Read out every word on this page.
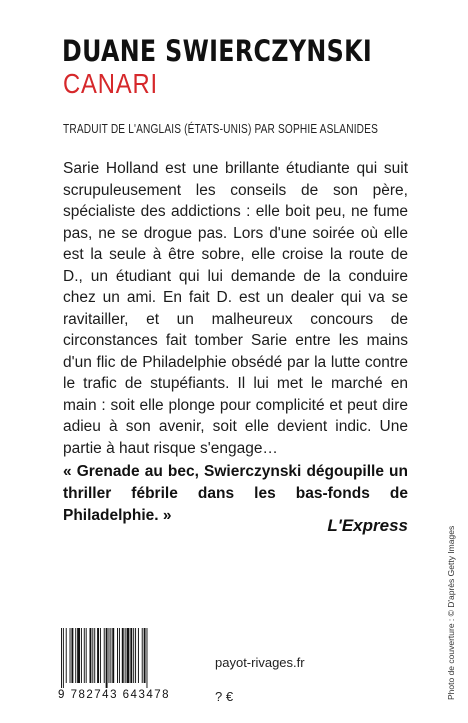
DUANE SWIERCZYNSKI
CANARI
TRADUIT DE L'ANGLAIS (ÉTATS-UNIS) PAR SOPHIE ASLANIDES
Sarie Holland est une brillante étudiante qui suit scrupuleusement les conseils de son père, spécialiste des addictions : elle boit peu, ne fume pas, ne se drogue pas. Lors d'une soirée où elle est la seule à être sobre, elle croise la route de D., un étudiant qui lui demande de la conduire chez un ami. En fait D. est un dealer qui va se ravitailler, et un malheureux concours de circonstances fait tomber Sarie entre les mains d'un flic de Philadelphie obsédé par la lutte contre le trafic de stupéfiants. Il lui met le marché en main : soit elle plonge pour complicité et peut dire adieu à son avenir, soit elle devient indic. Une partie à haut risque s'engage…
« Grenade au bec, Swierczynski dégoupille un thriller fébrile dans les bas-fonds de Philadelphie. »
L'Express
Photo de couverture : © D'après Getty Images
9 782743 643478
payot-rivages.fr
? €
